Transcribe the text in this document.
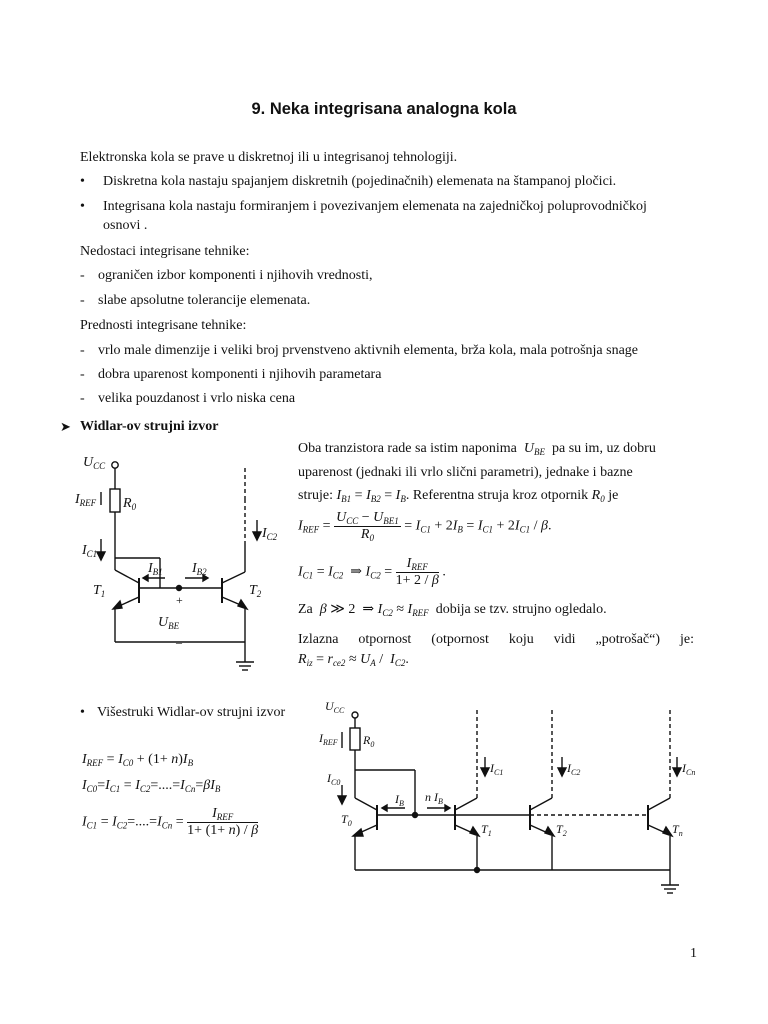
9. Neka integrisana analogna kola
Elektronska kola se prave u diskretnoj ili u integrisanoj tehnologiji.
• Diskretna kola nastaju spajanjem diskretnih (pojedinačnih) elemenata na štampanoj pločici.
• Integrisana kola nastaju formiranjem i povezivanjem elemenata na zajedničkoj poluprovodničkoj
osnovi .
Nedostaci integrisane tehnike:
- ograničen izbor komponenti i njihovih vrednosti,
- slabe apsolutne tolerancije elemenata.
Prednosti integrisane tehnike:
- vrlo male dimenzije i veliki broj prvenstveno aktivnih elementa, brža kola, mala potrošnja snage
- dobra uparenost komponenti i njihovih parametara
- velika pouzdanost i vrlo niska cena
➤ Widlar-ov strujni izvor
Oba tranzistora rade sa istim naponima $U_{BE}$ pa su im, uz dobru
uparenost (jednaki ili vrlo slični parametri), jednake i bazne
struje: $I_{B1} = I_{B2} = I_B$. Referentna struja kroz otpornik $R_0$ je
$I_{REF} = \frac{U_{CC} - U_{BE1}}{R_0} = I_{C1} + 2I_B = I_{C1} + 2I_{C1} / \beta$.
$I_{C1} = I_{C2}$  ⇒ $I_{C2} = \frac{I_{REF}}{1+ 2 / \beta}$ .
Za β ≫ 2  ⇒ $I_{C2} \approx I_{REF}$ dobija se tzv. strujno ogledalo.
Izlazna otpornost (otpornost koju vidi „potrošač“) je:
$R_{iz} = r_{ce2} \approx U_A / I_{C2}$.
$U_{CC}$
$I_{REF}$ $R_0$
$I_{C1}$
$I_{C2}$
$I_{B1}$ $I_{B2}$
$T_1$	$T_2$
+
$U_{BE}$
–
• Višestruki Widlar-ov strujni izvor
$I_{REF} = I_{C0} + (1+ n)I_B$
$I_{C0}=I_{C1} = I_{C2}=....=I_{Cn}=\beta I_B$
$I_{C1} = I_{C2}=....=I_{Cn} = \frac{I_{REF}}{1+ (1+ n) / \beta}$
$U_{CC}$
$I_{REF}$ $R_0$
$I_{C0}$
$I_B$ n $I_B$
$T_0$	$T_1$	$T_2$	$T_n$
$I_{C1}$	$I_{C2}$	$I_{Cn}$
1
